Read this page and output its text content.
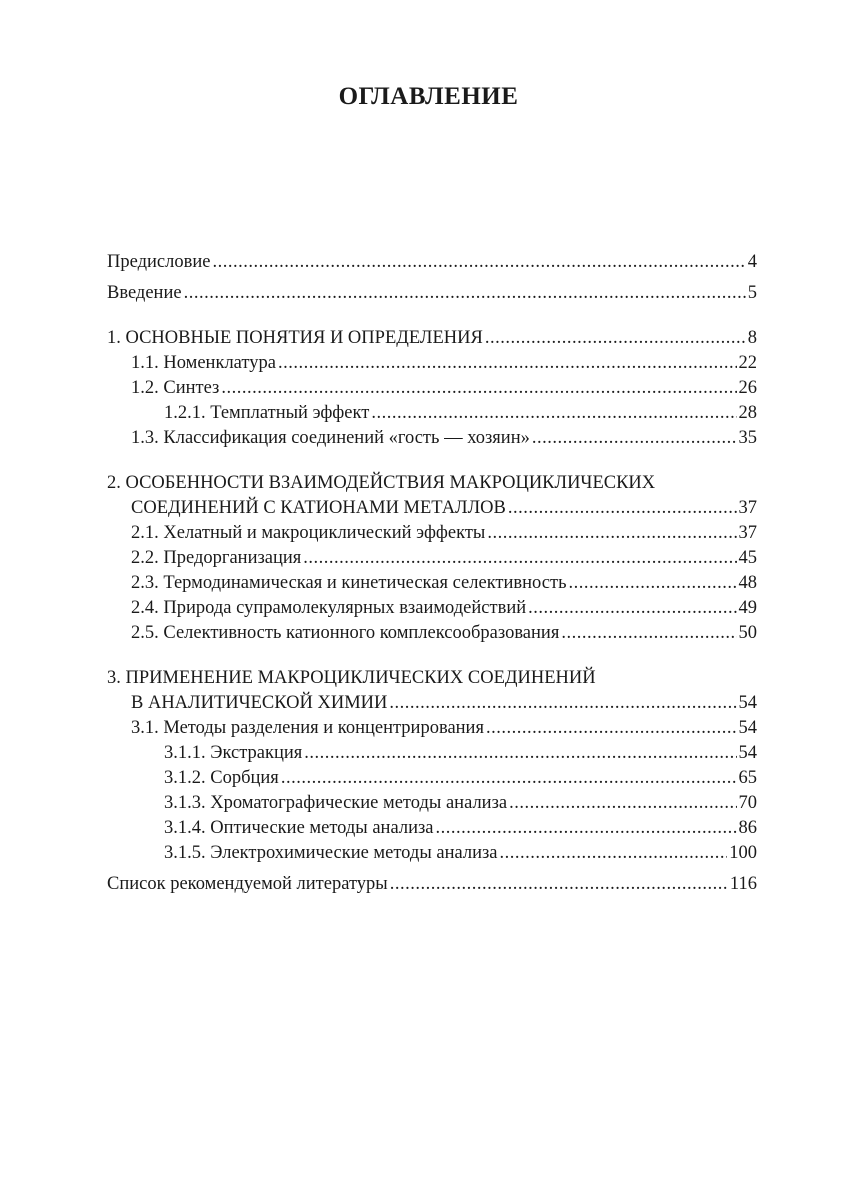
ОГЛАВЛЕНИЕ
Предисловие .....	4
Введение .....	5
1. ОСНОВНЫЕ ПОНЯТИЯ И ОПРЕДЕЛЕНИЯ .....	8
1.1. Номенклатура .....	22
1.2. Синтез .....	26
1.2.1. Темплатный эффект .....	28
1.3. Классификация соединений «гость — хозяин» .....	35
2. ОСОБЕННОСТИ ВЗАИМОДЕЙСТВИЯ МАКРОЦИКЛИЧЕСКИХ
СОЕДИНЕНИЙ С КАТИОНАМИ МЕТАЛЛОВ .....	37
2.1. Хелатный и макроциклический эффекты .....	37
2.2. Предорганизация .....	45
2.3. Термодинамическая и кинетическая селективность .....	48
2.4. Природа супрамолекулярных взаимодействий .....	49
2.5. Селективность катионного комплексообразования .....	50
3. ПРИМЕНЕНИЕ МАКРОЦИКЛИЧЕСКИХ СОЕДИНЕНИЙ
В АНАЛИТИЧЕСКОЙ ХИМИИ .....	54
3.1. Методы разделения и концентрирования .....	54
3.1.1. Экстракция .....	54
3.1.2. Сорбция .....	65
3.1.3. Хроматографические методы анализа .....	70
3.1.4. Оптические методы анализа .....	86
3.1.5. Электрохимические методы анализа .....	100
Список рекомендуемой литературы .....	116
